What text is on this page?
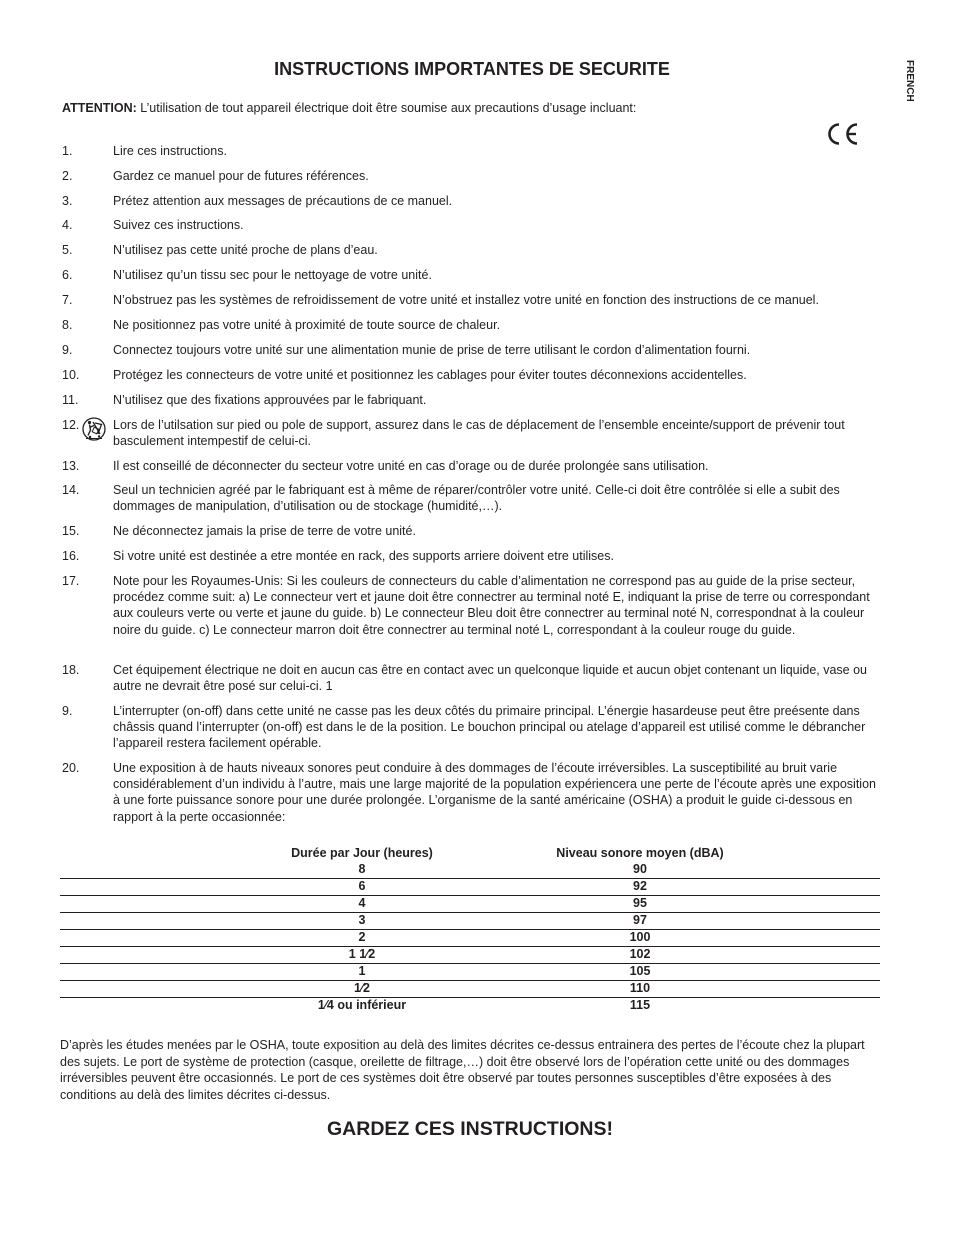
INSTRUCTIONS IMPORTANTES DE SECURITE	FRENCH
ATTENTION: L’utilisation de tout appareil électrique doit être soumise aux precautions d’usage incluant:
1.	Lire ces instructions.
2.	Gardez ce manuel pour de futures références.
3.	Prétez attention aux messages de précautions de ce manuel.
4.	Suivez ces instructions.
5.	N’utilisez pas cette unité proche de plans d’eau.
6.	N’utilisez qu’un tissu sec pour le nettoyage de votre unité.
7.	N’obstruez pas les systèmes de refroidissement de votre unité et installez votre unité en fonction des instructions de ce manuel.
8.	Ne positionnez pas votre unité à proximité de toute source de chaleur.
9.	Connectez toujours votre unité sur une alimentation munie de prise de terre utilisant le cordon d’alimentation fourni.
10.	Protégez les connecteurs de votre unité et positionnez les cablages pour éviter toutes déconnexions accidentelles.
11.	N’utilisez que des fixations approuvées par le fabriquant.
12.	Lors de l’utilsation sur pied ou pole de support, assurez dans le cas de déplacement de l’ensemble enceinte/support de prévenir tout basculement intempestif de celui-ci.
13.	Il est conseillé de déconnecter du secteur votre unité en cas d’orage ou de durée prolongée sans utilisation.
14.	Seul un technicien agréé par le fabriquant est à même de réparer/contrôler votre unité. Celle-ci doit être contrôlée si elle a subit des dommages de manipulation, d’utilisation ou de stockage (humidité,…).
15.	Ne déconnectez jamais la prise de terre de votre unité.
16.	Si votre unité est destinée a etre montée en rack, des supports arriere doivent etre utilises.
17.	Note pour les Royaumes-Unis: Si les couleurs de connecteurs du cable d’alimentation ne correspond pas au guide de la prise secteur, procédez comme suit: a) Le connecteur vert et jaune doit être connectrer au terminal noté E, indiquant la prise de terre ou correspondant aux couleurs verte ou verte et jaune du guide. b) Le connecteur Bleu doit être connectrer au terminal noté N, correspondnat à la couleur noire du guide. c) Le connecteur marron doit être connectrer au terminal noté L, correspondant à la couleur rouge du guide.
18.	Cet équipement électrique ne doit en aucun cas être en contact avec un quelconque liquide et aucun objet contenant un liquide, vase ou autre ne devrait être posé sur celui-ci. 1
9.	L’interrupter (on-off) dans cette unité ne casse pas les deux côtés du primaire principal. L’énergie hasardeuse peut être preésente dans châssis quand l’interrupter (on-off) est dans le de la position. Le bouchon principal ou atelage d’appareil est utilisé comme le débrancher l’appareil restera facilement opérable.
20.	Une exposition à de hauts niveaux sonores peut conduire à des dommages de l’écoute irréversibles. La susceptibilité au bruit varie considérablement d’un individu à l’autre, mais une large majorité de la population expériencera une perte de l’écoute après une exposition à une forte puissance sonore pour une durée prolongée. L’organisme de la santé américaine (OSHA) a produit le guide ci-dessous en rapport à la perte occasionnée:
Durée par Jour (heures)	Niveau sonore moyen (dBA)
8	90
6	92
4	95
3	97
2	100
1 1⁄2	102
1	105
1⁄2	110
1⁄4 ou inférieur	115
D’après les études menées par le OSHA, toute exposition au delà des limites décrites ce-dessus entrainera des pertes de l’écoute chez la plupart des sujets. Le port de système de protection (casque, oreilette de filtrage,…) doit être observé lors de l’opération cette unité ou des dommages irréversibles peuvent être occasionnés. Le port de ces systèmes doit être observé par toutes personnes susceptibles d’être exposées à des conditions au delà des limites décrites ci-dessus.
GARDEZ CES INSTRUCTIONS!
